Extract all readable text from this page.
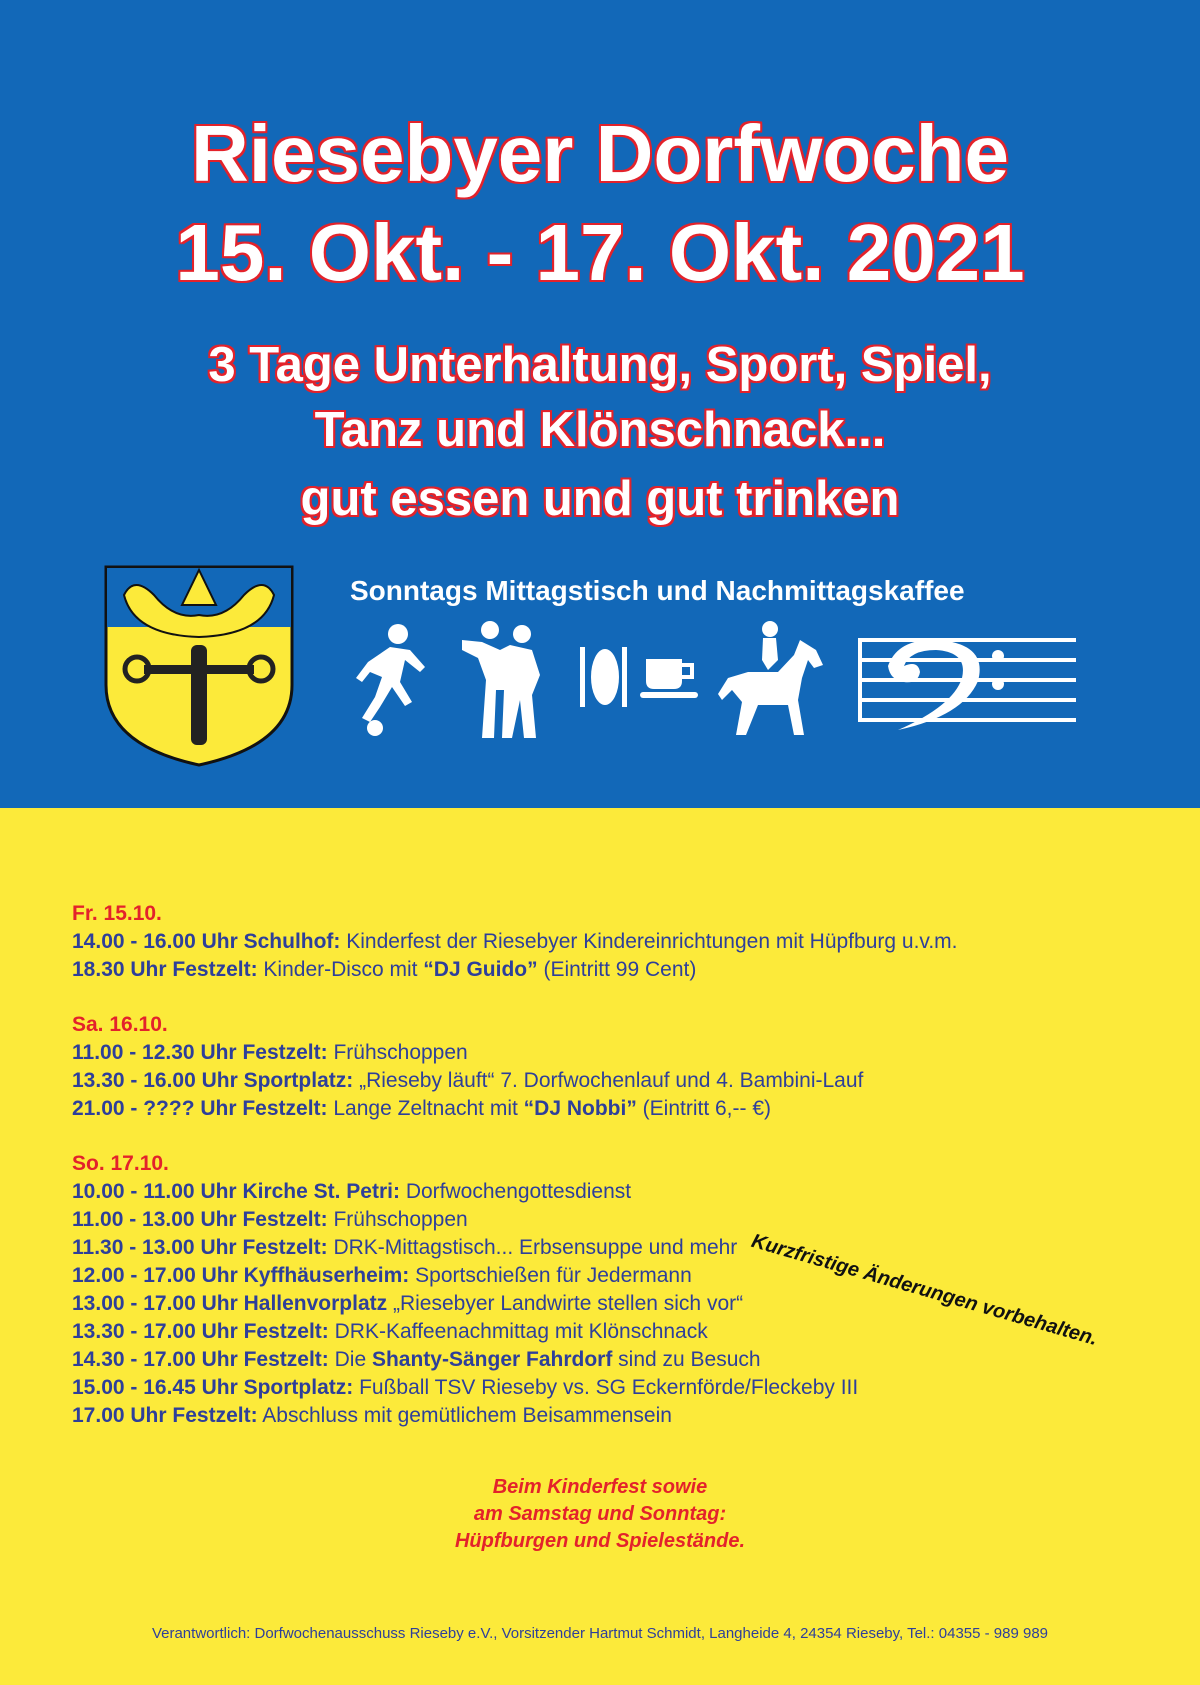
Riesebyer Dorfwoche
15. Okt. - 17. Okt. 2021
3 Tage Unterhaltung, Sport, Spiel,
Tanz und Klönschnack...
gut essen und gut trinken
Sonntags Mittagstisch und Nachmittagskaffee
Fr. 15.10.
14.00 - 16.00 Uhr Schulhof: Kinderfest der Riesebyer Kindereinrichtungen mit Hüpfburg u.v.m.
18.30 Uhr Festzelt: Kinder-Disco mit “DJ Guido” (Eintritt 99 Cent)
Sa. 16.10.
11.00 - 12.30 Uhr Festzelt: Frühschoppen
13.30 - 16.00 Uhr Sportplatz: „Rieseby läuft“ 7. Dorfwochenlauf und 4. Bambini-Lauf
21.00 - ???? Uhr Festzelt: Lange Zeltnacht mit “DJ Nobbi” (Eintritt 6,-- €)
So. 17.10.
10.00 - 11.00 Uhr Kirche St. Petri: Dorfwochengottesdienst
11.00 - 13.00 Uhr Festzelt: Frühschoppen
11.30 - 13.00 Uhr Festzelt: DRK-Mittagstisch... Erbsensuppe und mehr
12.00 - 17.00 Uhr Kyffhäuserheim: Sportschießen für Jedermann
13.00 - 17.00 Uhr Hallenvorplatz „Riesebyer Landwirte stellen sich vor“
13.30 - 17.00 Uhr Festzelt: DRK-Kaffeenachmittag mit Klönschnack
14.30 - 17.00 Uhr Festzelt: Die Shanty-Sänger Fahrdorf sind zu Besuch
15.00 - 16.45 Uhr Sportplatz: Fußball TSV Rieseby vs. SG Eckernförde/Fleckeby III
17.00 Uhr Festzelt: Abschluss mit gemütlichem Beisammensein
Kurzfristige Änderungen vorbehalten.
Beim Kinderfest sowie
am Samstag und Sonntag:
Hüpfburgen und Spielestände.
Verantwortlich: Dorfwochenausschuss Rieseby e.V., Vorsitzender Hartmut Schmidt, Langheide 4, 24354 Rieseby, Tel.: 04355 - 989 989
